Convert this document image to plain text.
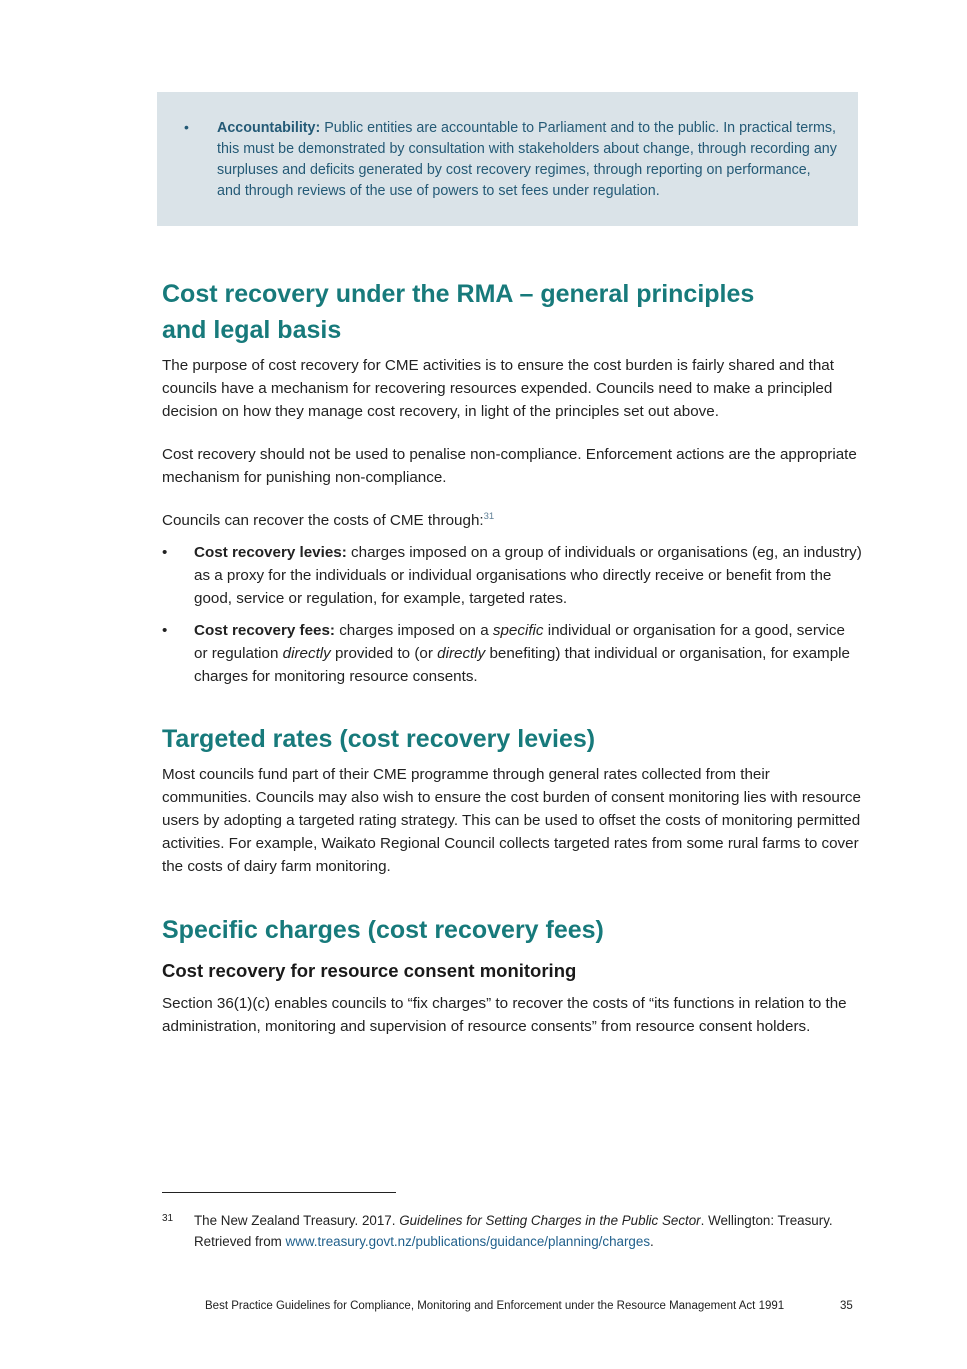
• Accountability: Public entities are accountable to Parliament and to the public. In practical terms, this must be demonstrated by consultation with stakeholders about change, through recording any surpluses and deficits generated by cost recovery regimes, through reporting on performance, and through reviews of the use of powers to set fees under regulation.
Cost recovery under the RMA – general principles
and legal basis

The purpose of cost recovery for CME activities is to ensure the cost burden is fairly shared and that councils have a mechanism for recovering resources expended. Councils need to make a principled decision on how they manage cost recovery, in light of the principles set out above.

Cost recovery should not be used to penalise non-compliance. Enforcement actions are the appropriate mechanism for punishing non-compliance.

Councils can recover the costs of CME through:$^{31}$

• Cost recovery levies: charges imposed on a group of individuals or organisations (eg, an industry) as a proxy for the individuals or individual organisations who directly receive or benefit from the good, service or regulation, for example, targeted rates.
• Cost recovery fees: charges imposed on a specific individual or organisation for a good, service or regulation directly provided to (or directly benefiting) that individual or organisation, for example charges for monitoring resource consents.
Targeted rates (cost recovery levies)

Most councils fund part of their CME programme through general rates collected from their communities. Councils may also wish to ensure the cost burden of consent monitoring lies with resource users by adopting a targeted rating strategy. This can be used to offset the costs of monitoring permitted activities. For example, Waikato Regional Council collects targeted rates from some rural farms to cover the costs of dairy farm monitoring.

Specific charges (cost recovery fees)
Cost recovery for resource consent monitoring

Section 36(1)(c) enables councils to “fix charges” to recover the costs of “its functions in relation to the administration, monitoring and supervision of resource consents” from resource consent holders.

31 The New Zealand Treasury. 2017. Guidelines for Setting Charges in the Public Sector. Wellington: Treasury. Retrieved from www.treasury.govt.nz/publications/guidance/planning/charges.
Best Practice Guidelines for Compliance, Monitoring and Enforcement under the Resource Management Act 1991	35
